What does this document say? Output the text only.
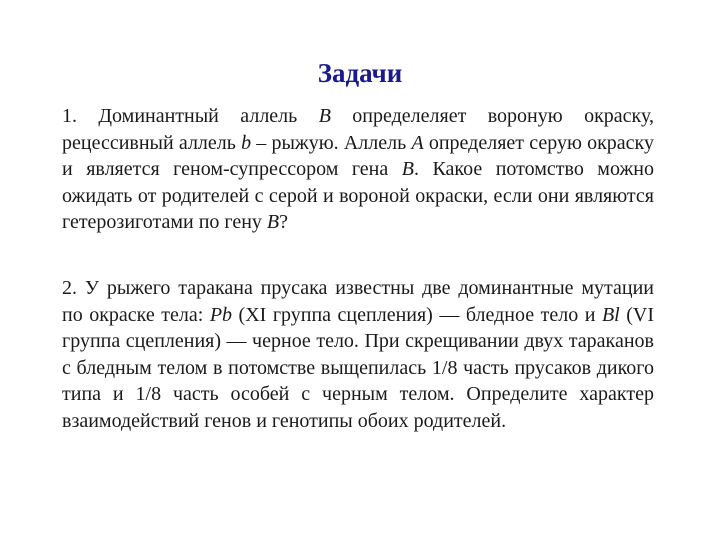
Задачи

1. Доминантный аллель B определеляет вороную окраску, рецессивный аллель b – рыжую. Аллель A определяет серую окраску и является геном-супрессором гена B. Какое потомство можно ожидать от родителей с серой и вороной окраски, если они являются гетерозиготами по гену B?

2. У рыжего таракана прусака известны две доминантные мутации по окраске тела: Pb (XI группа сцепления) — бледное тело и Bl (VI группа сцепления) — черное тело. При скрещивании двух тараканов с бледным телом в потомстве выщепилась 1/8 часть прусаков дикого типа и 1/8 часть особей с черным телом. Определите характер взаимодействий генов и генотипы обоих родителей.
